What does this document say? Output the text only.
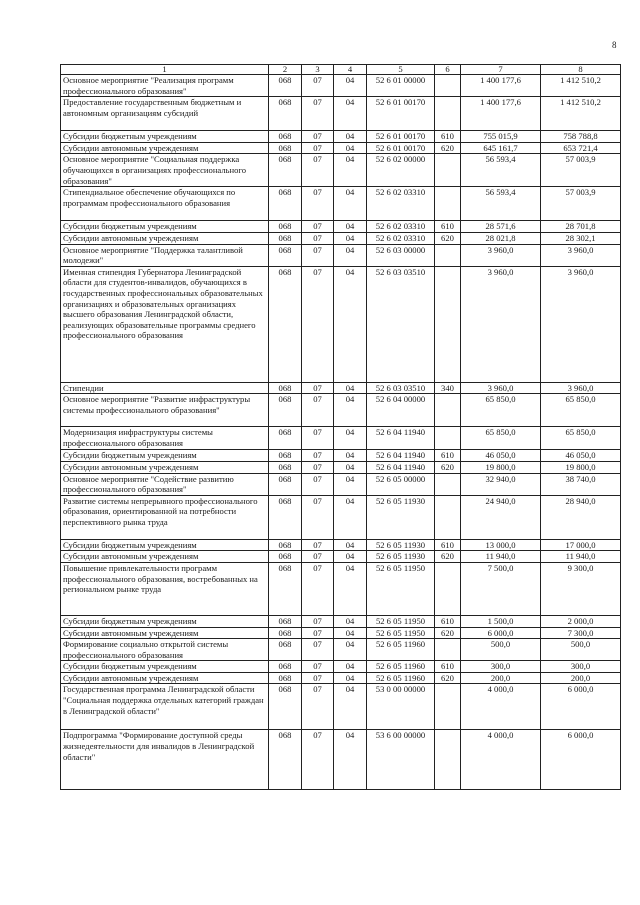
8
1	2	3	4	5	6	7	8
Основное мероприятие "Реализация программ профессионального образования"	068	07	04	52 6 01 00000		1 400 177,6	1 412 510,2
Предоставление государственным бюджетным и автономным организациям субсидий	068	07	04	52 6 01 00170		1 400 177,6	1 412 510,2
Субсидии бюджетным учреждениям	068	07	04	52 6 01 00170	610	755 015,9	758 788,8
Субсидии автономным учреждениям	068	07	04	52 6 01 00170	620	645 161,7	653 721,4
Основное мероприятие "Социальная поддержка обучающихся в организациях профессионального образования"	068	07	04	52 6 02 00000		56 593,4	57 003,9
Стипендиальное обеспечение обучающихся по программам профессионального образования	068	07	04	52 6 02 03310		56 593,4	57 003,9
Субсидии бюджетным учреждениям	068	07	04	52 6 02 03310	610	28 571,6	28 701,8
Субсидии автономным учреждениям	068	07	04	52 6 02 03310	620	28 021,8	28 302,1
Основное мероприятие "Поддержка талантливой молодежи"	068	07	04	52 6 03 00000		3 960,0	3 960,0
Именная стипендия Губернатора Ленинградской области для студентов-инвалидов, обучающихся в государственных профессиональных образовательных организациях и образовательных организациях высшего образования Ленинградской области, реализующих образовательные программы среднего профессионального образования	068	07	04	52 6 03 03510		3 960,0	3 960,0
Стипендии	068	07	04	52 6 03 03510	340	3 960,0	3 960,0
Основное мероприятие "Развитие инфраструктуры системы профессионального образования"	068	07	04	52 6 04 00000		65 850,0	65 850,0
Модернизация инфраструктуры системы профессионального образования	068	07	04	52 6 04 11940		65 850,0	65 850,0
Субсидии бюджетным учреждениям	068	07	04	52 6 04 11940	610	46 050,0	46 050,0
Субсидии автономным учреждениям	068	07	04	52 6 04 11940	620	19 800,0	19 800,0
Основное мероприятие "Содействие развитию профессионального образования"	068	07	04	52 6 05 00000		32 940,0	38 740,0
Развитие системы непрерывного профессионального образования, ориентированной на потребности перспективного рынка труда	068	07	04	52 6 05 11930		24 940,0	28 940,0
Субсидии бюджетным учреждениям	068	07	04	52 6 05 11930	610	13 000,0	17 000,0
Субсидии автономным учреждениям	068	07	04	52 6 05 11930	620	11 940,0	11 940,0
Повышение привлекательности программ профессионального образования, востребованных на региональном рынке труда	068	07	04	52 6 05 11950		7 500,0	9 300,0
Субсидии бюджетным учреждениям	068	07	04	52 6 05 11950	610	1 500,0	2 000,0
Субсидии автономным учреждениям	068	07	04	52 6 05 11950	620	6 000,0	7 300,0
Формирование социально открытой системы профессионального образования	068	07	04	52 6 05 11960		500,0	500,0
Субсидии бюджетным учреждениям	068	07	04	52 6 05 11960	610	300,0	300,0
Субсидии автономным учреждениям	068	07	04	52 6 05 11960	620	200,0	200,0
Государственная программа Ленинградской области "Социальная поддержка отдельных категорий граждан в Ленинградской области"	068	07	04	53 0 00 00000		4 000,0	6 000,0
Подпрограмма "Формирование доступной среды жизнедеятельности для инвалидов в Ленинградской области"	068	07	04	53 6 00 00000		4 000,0	6 000,0
